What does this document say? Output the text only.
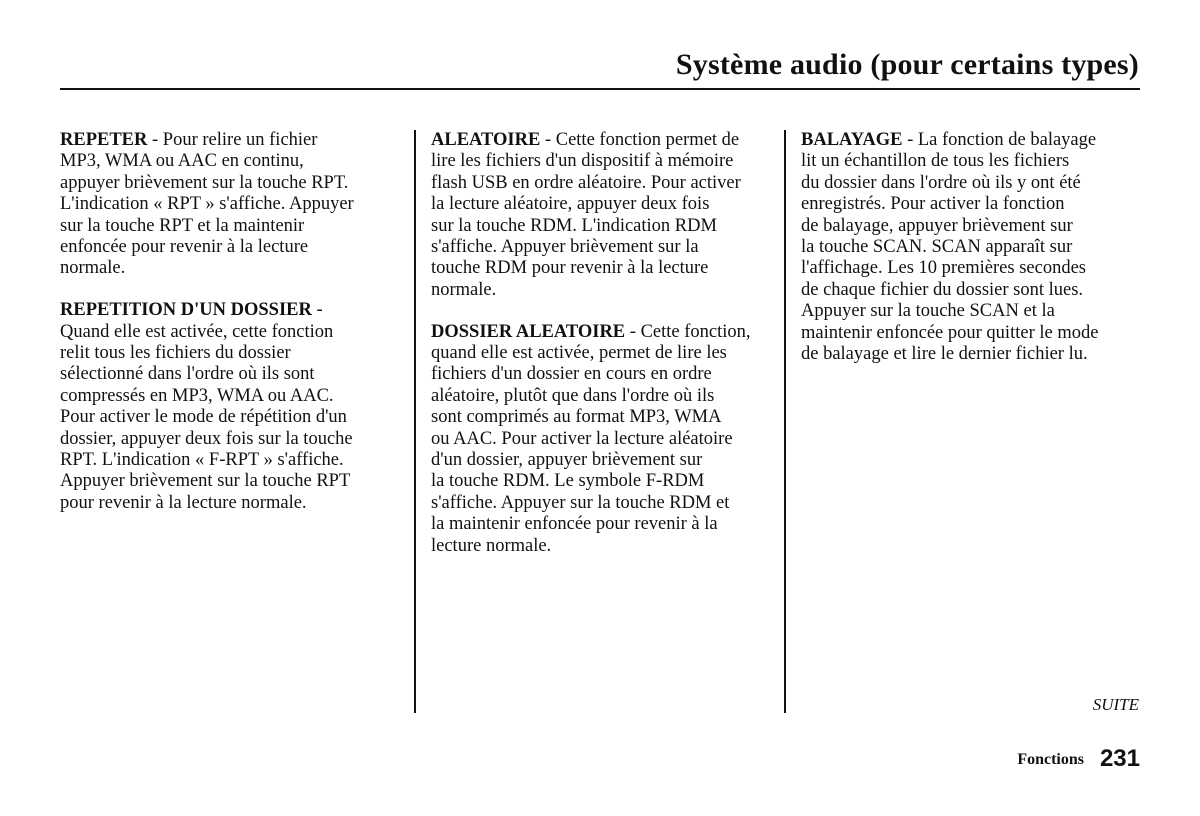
Système audio (pour certains types)
REPETER - Pour relire un fichier
MP3, WMA ou AAC en continu,
appuyer brièvement sur la touche RPT.
L'indication « RPT » s'affiche. Appuyer
sur la touche RPT et la maintenir
enfoncée pour revenir à la lecture
normale.
REPETITION D'UN DOSSIER -
Quand elle est activée, cette fonction
relit tous les fichiers du dossier
sélectionné dans l'ordre où ils sont
compressés en MP3, WMA ou AAC.
Pour activer le mode de répétition d'un
dossier, appuyer deux fois sur la touche
RPT. L'indication « F-RPT » s'affiche.
Appuyer brièvement sur la touche RPT
pour revenir à la lecture normale.
ALEATOIRE - Cette fonction permet de
lire les fichiers d'un dispositif à mémoire
flash USB en ordre aléatoire. Pour activer
la lecture aléatoire, appuyer deux fois
sur la touche RDM. L'indication RDM
s'affiche. Appuyer brièvement sur la
touche RDM pour revenir à la lecture
normale.
DOSSIER ALEATOIRE - Cette fonction,
quand elle est activée, permet de lire les
fichiers d'un dossier en cours en ordre
aléatoire, plutôt que dans l'ordre où ils
sont comprimés au format MP3, WMA
ou AAC. Pour activer la lecture aléatoire
d'un dossier, appuyer brièvement sur
la touche RDM. Le symbole F-RDM
s'affiche. Appuyer sur la touche RDM et
la maintenir enfoncée pour revenir à la
lecture normale.
BALAYAGE - La fonction de balayage
lit un échantillon de tous les fichiers
du dossier dans l'ordre où ils y ont été
enregistrés. Pour activer la fonction
de balayage, appuyer brièvement sur
la touche SCAN. SCAN apparaît sur
l'affichage. Les 10 premières secondes
de chaque fichier du dossier sont lues.
Appuyer sur la touche SCAN et la
maintenir enfoncée pour quitter le mode
de balayage et lire le dernier fichier lu.
SUITE
Fonctions 231
